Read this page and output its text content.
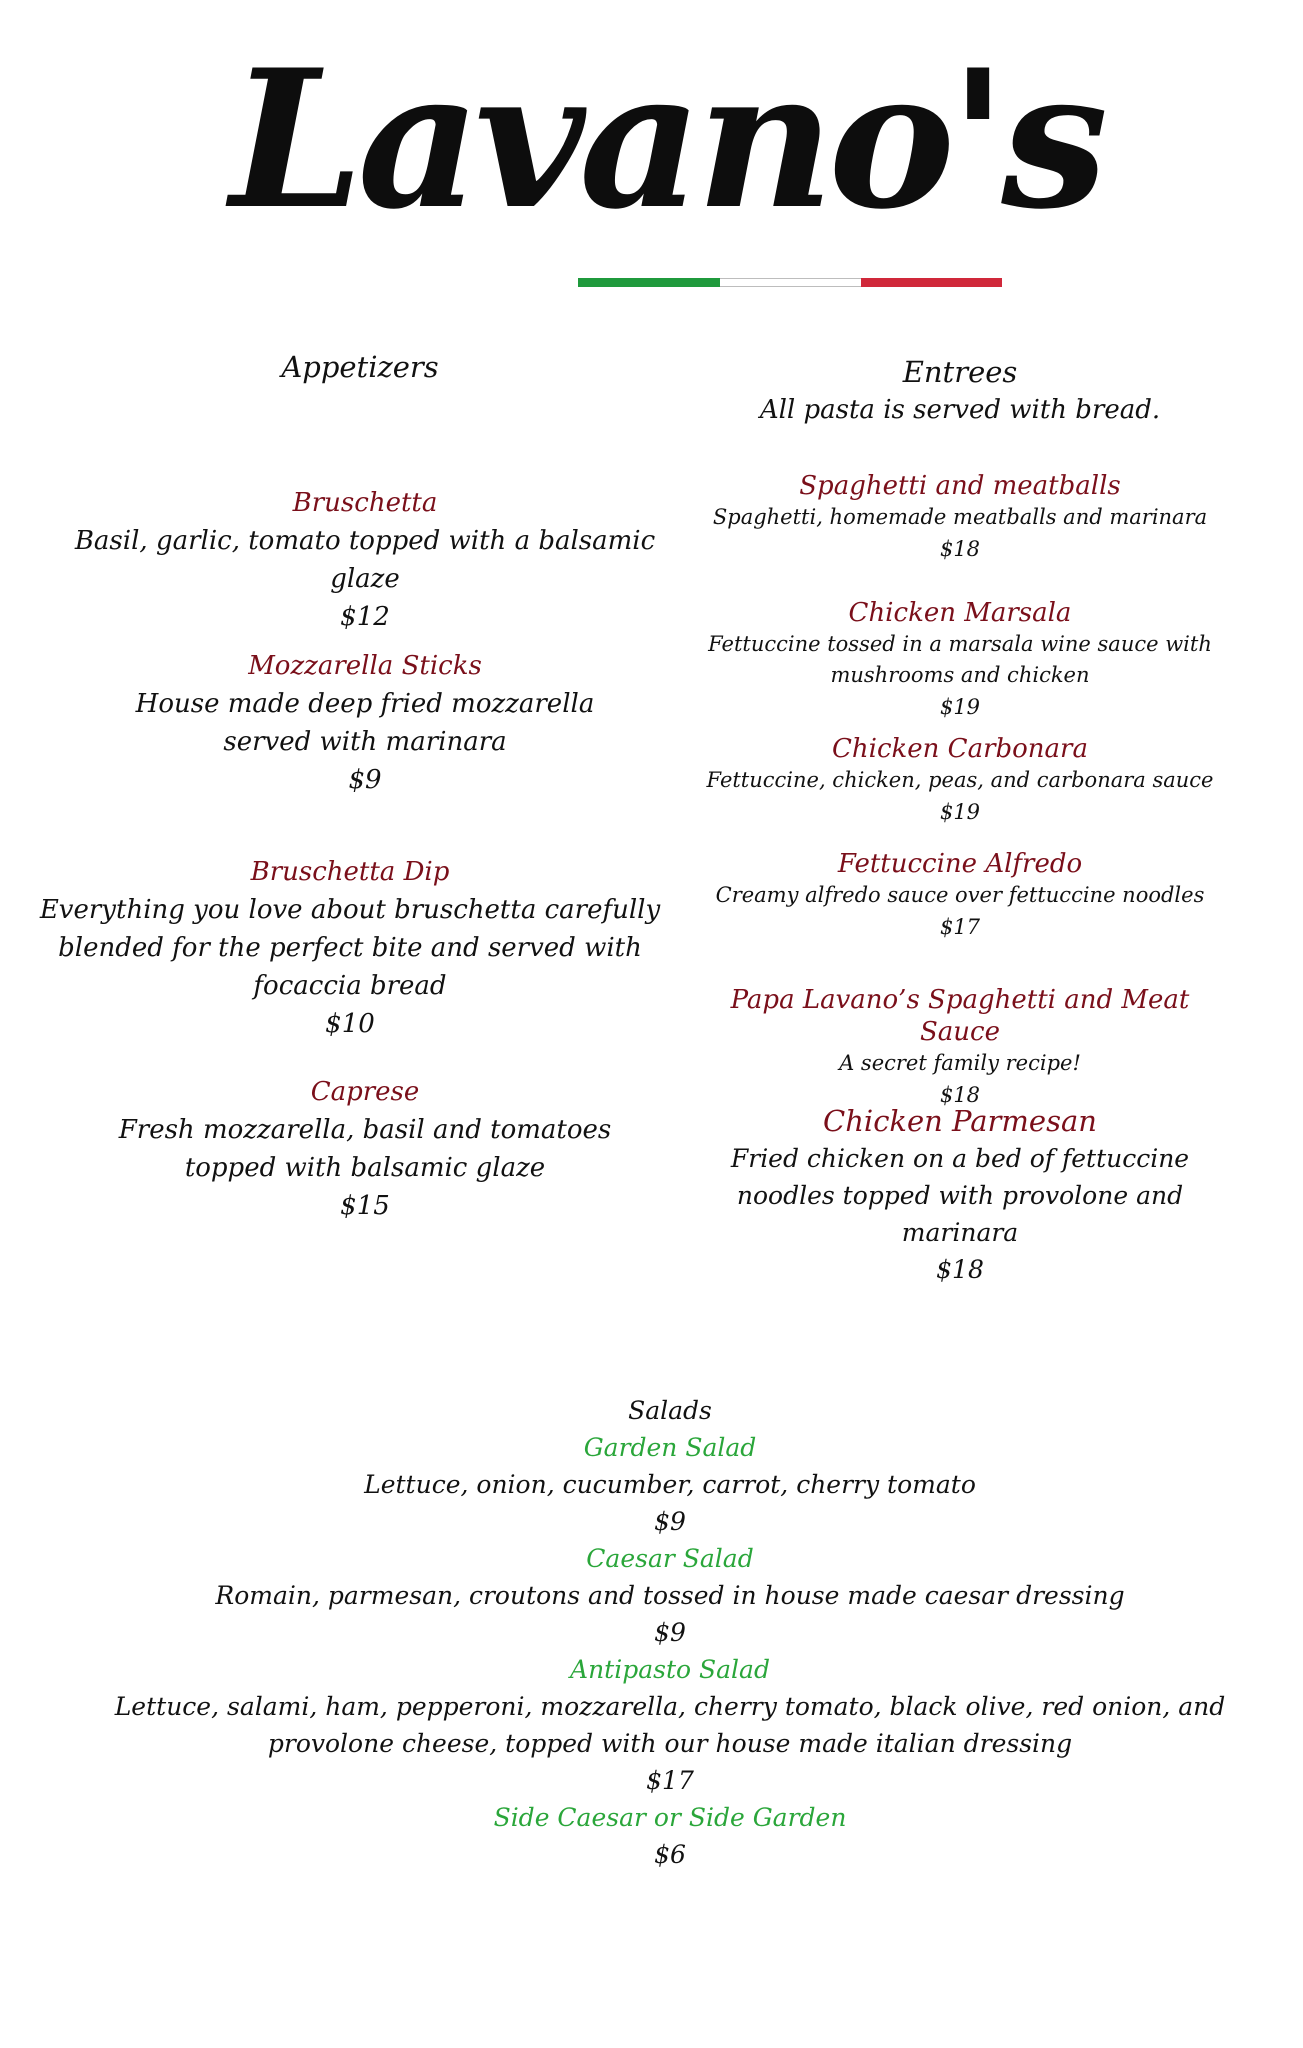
Lavano's
Appetizers
Bruschetta
Basil, garlic, tomato topped with a balsamic glaze
$12
Mozzarella Sticks
House made deep fried mozzarella served with marinara
$9
Bruschetta Dip
Everything you love about bruschetta carefully blended for the perfect bite and served with focaccia bread
$10
Caprese
Fresh mozzarella, basil and tomatoes topped with balsamic glaze
$15
Entrees
All pasta is served with bread.
Spaghetti and meatballs
Spaghetti, homemade meatballs and marinara
$18
Chicken Marsala
Fettuccine tossed in a marsala wine sauce with mushrooms and chicken
$19
Chicken Carbonara
Fettuccine, chicken, peas, and carbonara sauce
$19
Fettuccine Alfredo
Creamy alfredo sauce over fettuccine noodles
$17
Papa Lavano’s Spaghetti and Meat Sauce
A secret family recipe!
$18
Chicken Parmesan
Fried chicken on a bed of fettuccine noodles topped with provolone and marinara
$18
Salads
Garden Salad
Lettuce, onion, cucumber, carrot, cherry tomato
$9
Caesar Salad
Romain, parmesan, croutons and tossed in house made caesar dressing
$9
Antipasto Salad
Lettuce, salami, ham, pepperoni, mozzarella, cherry tomato, black olive, red onion, and provolone cheese, topped with our house made italian dressing
$17
Side Caesar or Side Garden
$6
